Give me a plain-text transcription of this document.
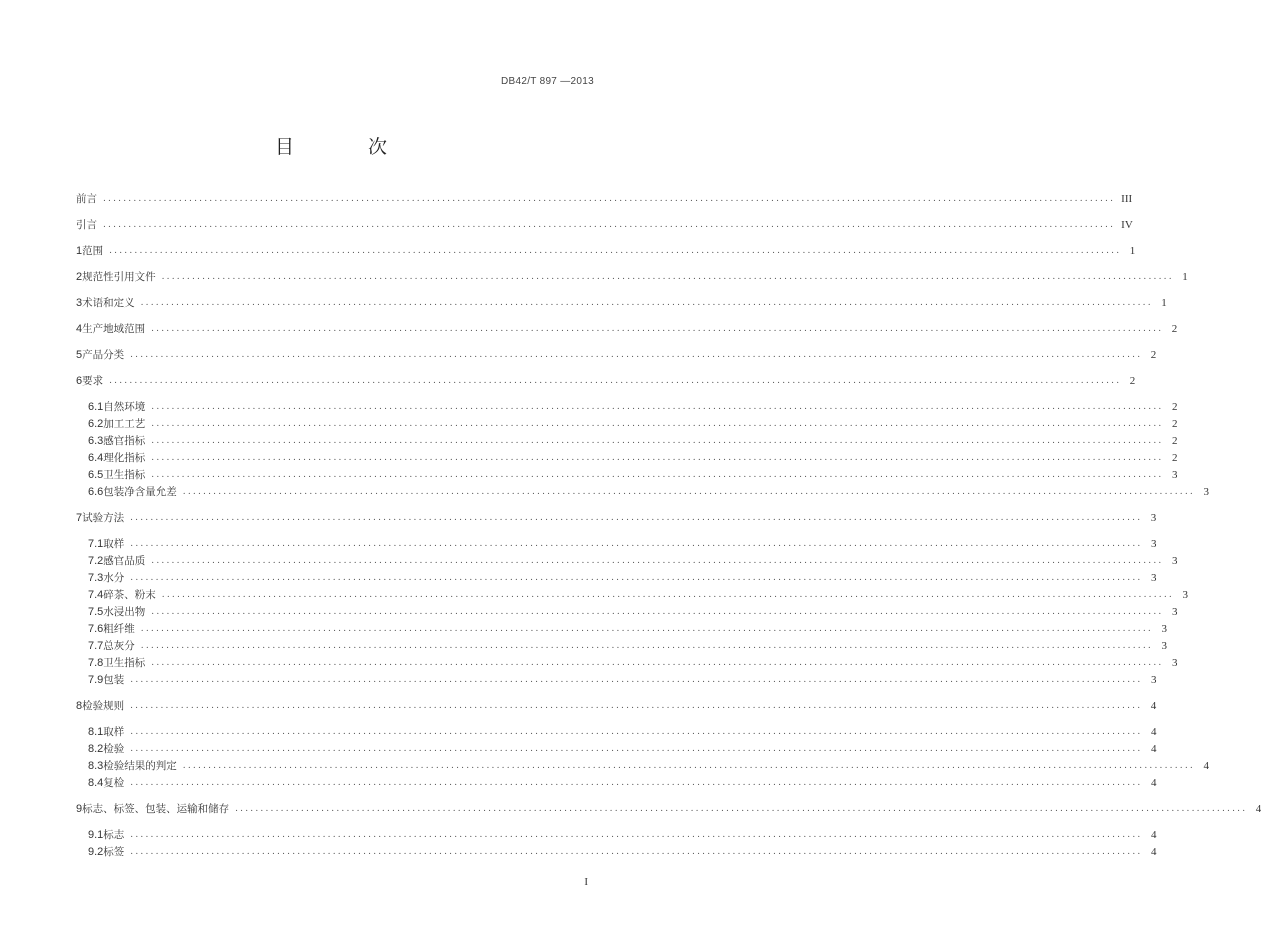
DB42/T 897 —2013
目 次
前言 ........................................................................................................................................................................................................ III
引言 ........................................................................................................................................................................................................ IV
1 范围 ........................................................................................................................................................................................................ 1
2 规范性引用文件 ........................................................................................................................................................................................................ 1
3 术语和定义 ........................................................................................................................................................................................................ 1
4 生产地域范围 ........................................................................................................................................................................................................ 2
5 产品分类 ........................................................................................................................................................................................................ 2
6 要求 ........................................................................................................................................................................................................ 2
6.1 自然环境 ........................................................................................................................................................................................................ 2
6.2 加工工艺 ........................................................................................................................................................................................................ 2
6.3 感官指标 ........................................................................................................................................................................................................ 2
6.4 理化指标 ........................................................................................................................................................................................................ 2
6.5 卫生指标 ........................................................................................................................................................................................................ 3
6.6 包装净含量允差 ........................................................................................................................................................................................................ 3
7 试验方法 ........................................................................................................................................................................................................ 3
7.1 取样 ........................................................................................................................................................................................................ 3
7.2 感官品质 ........................................................................................................................................................................................................ 3
7.3 水分 ........................................................................................................................................................................................................ 3
7.4 碎茶、粉末 ........................................................................................................................................................................................................ 3
7.5 水浸出物 ........................................................................................................................................................................................................ 3
7.6 粗纤维 ........................................................................................................................................................................................................ 3
7.7 总灰分 ........................................................................................................................................................................................................ 3
7.8 卫生指标 ........................................................................................................................................................................................................ 3
7.9 包装 ........................................................................................................................................................................................................ 3
8 检验规则 ........................................................................................................................................................................................................ 4
8.1 取样 ........................................................................................................................................................................................................ 4
8.2 检验 ........................................................................................................................................................................................................ 4
8.3 检验结果的判定 ........................................................................................................................................................................................................ 4
8.4 复检 ........................................................................................................................................................................................................ 4
9 标志、标签、包装、运输和储存 ........................................................................................................................................................................................................ 4
9.1 标志 ........................................................................................................................................................................................................ 4
9.2 标签 ........................................................................................................................................................................................................ 4
I
